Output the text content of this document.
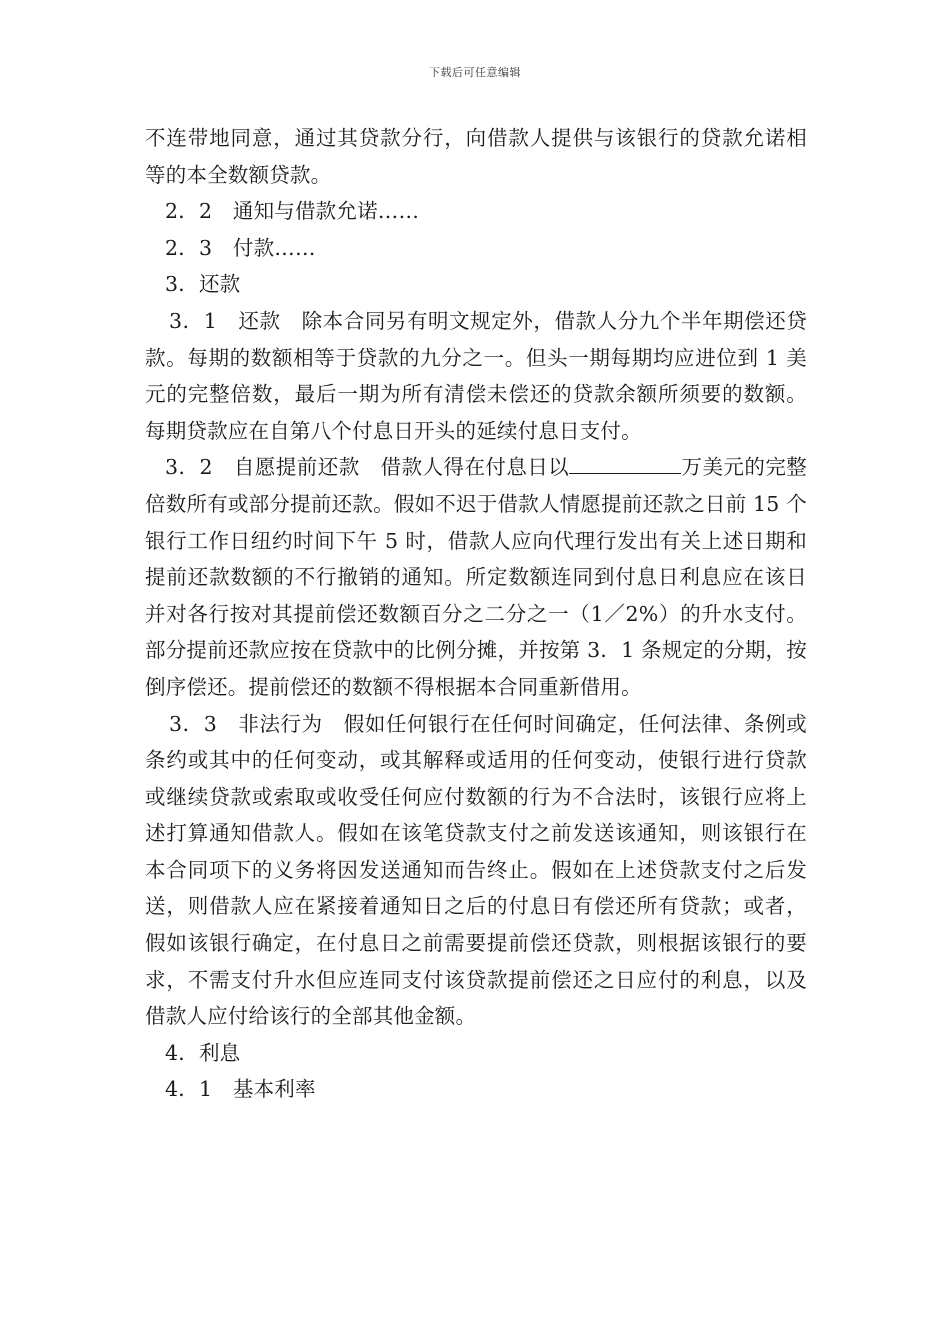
下载后可任意编辑

不连带地同意，通过其贷款分行，向借款人提供与该银行的贷款允诺相等的本全数额贷款。

2．2　通知与借款允诺……

2．3　付款……

3．还款

3．1　还款　除本合同另有明文规定外，借款人分九个半年期偿还贷款。每期的数额相等于贷款的九分之一。但头一期每期均应进位到 1 美元的完整倍数，最后一期为所有清偿未偿还的贷款余额所须要的数额。每期贷款应在自第八个付息日开头的延续付息日支付。

3．2　自愿提前还款　借款人得在付息日以	万美元的完整倍数所有或部分提前还款。假如不迟于借款人情愿提前还款之日前 15 个银行工作日纽约时间下午 5 时，借款人应向代理行发出有关上述日期和提前还款数额的不行撤销的通知。所定数额连同到付息日利息应在该日并对各行按对其提前偿还数额百分之二分之一（1／2%）的升水支付。部分提前还款应按在贷款中的比例分摊，并按第 3．1 条规定的分期，按倒序偿还。提前偿还的数额不得根据本合同重新借用。

3．3　非法行为　假如任何银行在任何时间确定，任何法律、条例或条约或其中的任何变动，或其解释或适用的任何变动，使银行进行贷款或继续贷款或索取或收受任何应付数额的行为不合法时，该银行应将上述打算通知借款人。假如在该笔贷款支付之前发送该通知，则该银行在本合同项下的义务将因发送通知而告终止。假如在上述贷款支付之后发送，则借款人应在紧接着通知日之后的付息日有偿还所有贷款；或者，假如该银行确定，在付息日之前需要提前偿还贷款，则根据该银行的要求，不需支付升水但应连同支付该贷款提前偿还之日应付的利息，以及借款人应付给该行的全部其他金额。

4．利息

4．1　基本利率
